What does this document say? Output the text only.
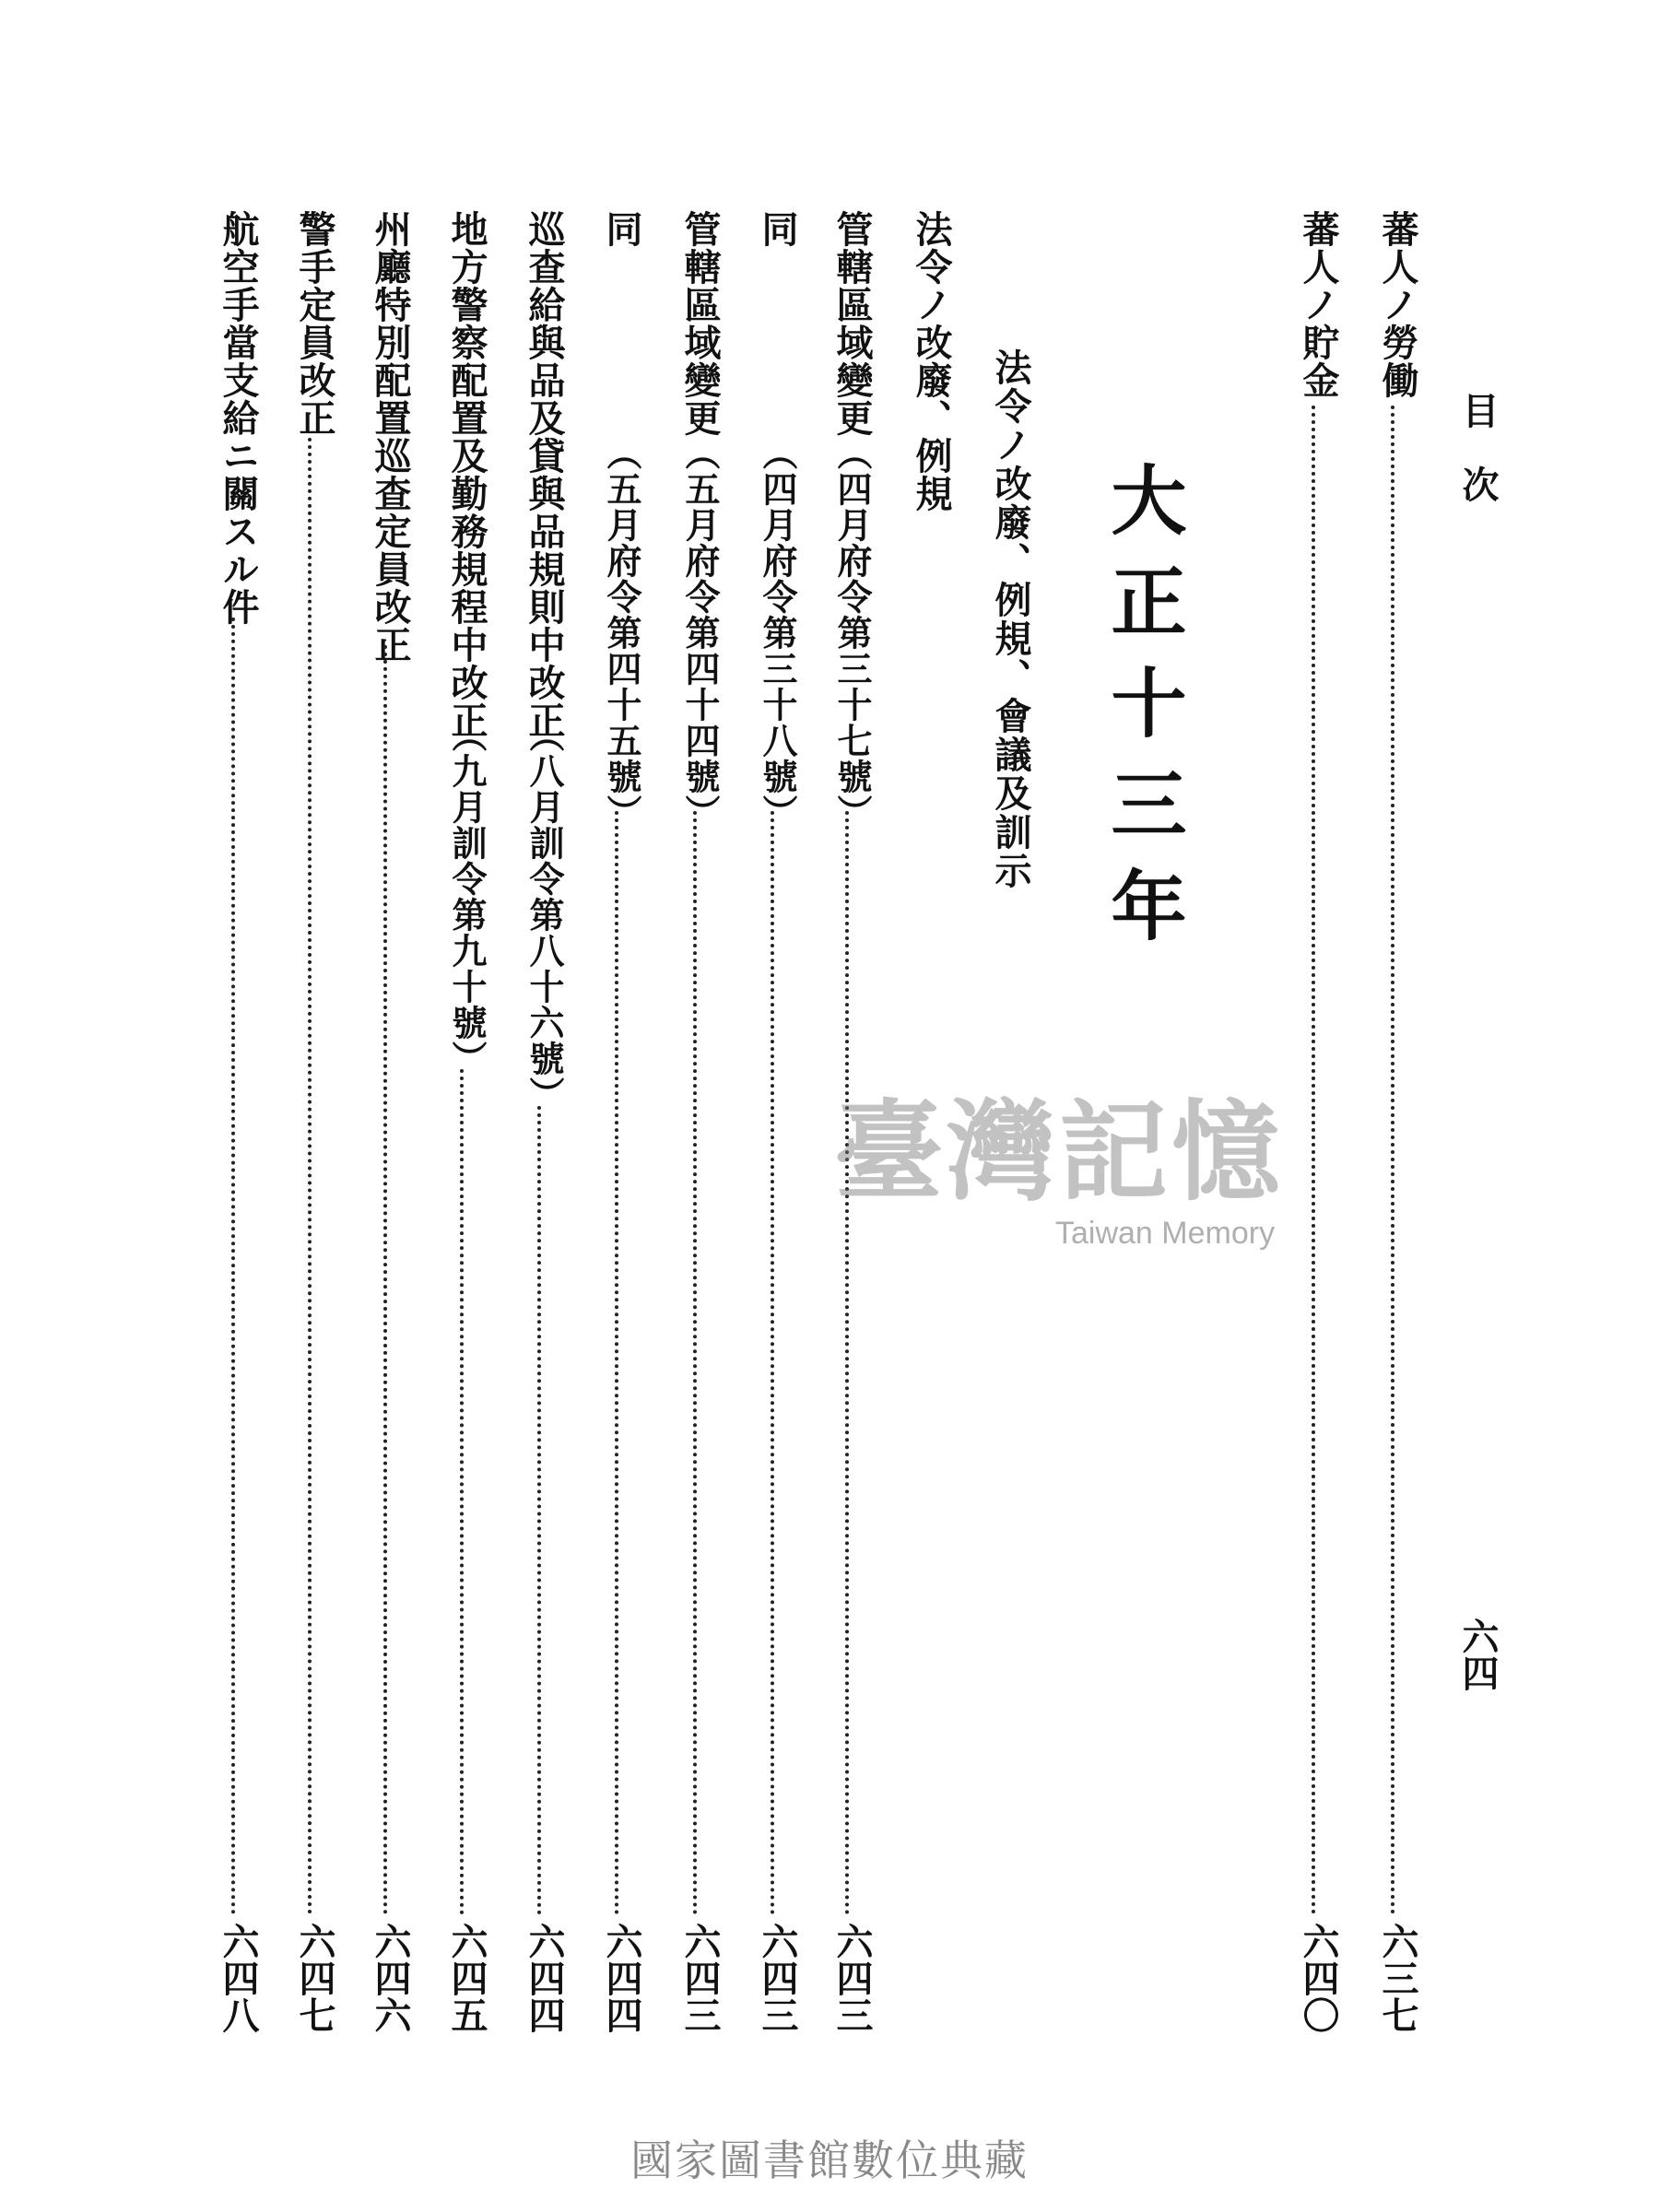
目次
六四
蕃人ノ勞働
六三七
蕃人ノ貯金
六四〇
大正十三年
法令ノ改廢、例規、會議及訓示
法令ノ改廢、例規
管轄區域變更
（四月府令第三十七號）
六四三
同
（四月府令第三十八號）
六四三
管轄區域變更
（五月府令第四十四號）
六四三
同
（五月府令第四十五號）
六四四
巡查給與品及貸與品規則中改正
（八月訓令第八十六號）
六四四
地方警察配置及勤務規程中改正
（九月訓令第九十號）
六四五
州廳特別配置巡查定員改正
六四六
警手定員改正
六四七
航空手當支給ニ關スル件
六四八
臺灣記憶
Taiwan Memory
國家圖書館數位典藏
